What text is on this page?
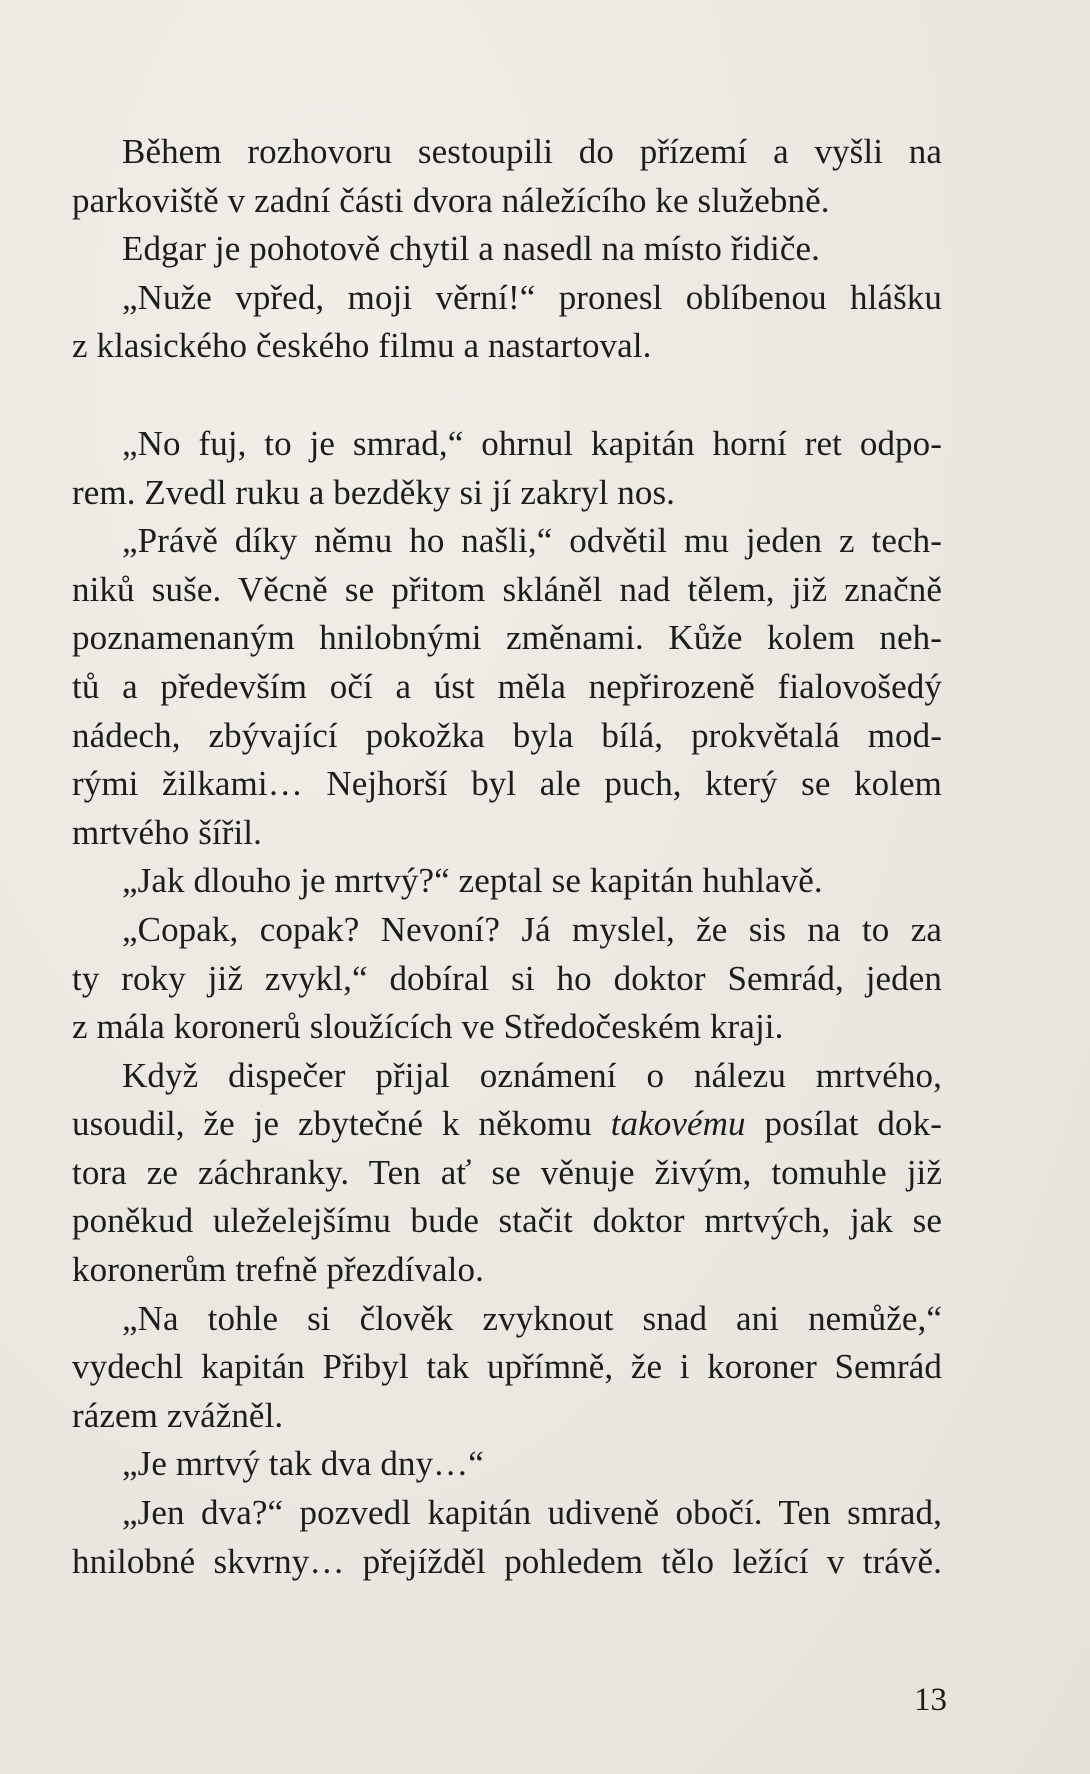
Během rozhovoru sestoupili do přízemí a vyšli na
parkoviště v zadní části dvora náležícího ke služebně.
Edgar je pohotově chytil a nasedl na místo řidiče.
„Nuže vpřed, moji věrní!“ pronesl oblíbenou hlášku
z klasického českého filmu a nastartoval.
„No fuj, to je smrad,“ ohrnul kapitán horní ret odpo-
rem. Zvedl ruku a bezděky si jí zakryl nos.
„Právě díky němu ho našli,“ odvětil mu jeden z tech-
niků suše. Věcně se přitom skláněl nad tělem, již značně
poznamenaným hnilobnými změnami. Kůže kolem neh-
tů a především očí a úst měla nepřirozeně fialovošedý
nádech, zbývající pokožka byla bílá, prokvětalá mod-
rými žilkami… Nejhorší byl ale puch, který se kolem
mrtvého šířil.
„Jak dlouho je mrtvý?“ zeptal se kapitán huhlavě.
„Copak, copak? Nevoní? Já myslel, že sis na to za
ty roky již zvykl,“ dobíral si ho doktor Semrád, jeden
z mála koronerů sloužících ve Středočeském kraji.
Když dispečer přijal oznámení o nálezu mrtvého,
usoudil, že je zbytečné k někomu takovému posílat dok-
tora ze záchranky. Ten ať se věnuje živým, tomuhle již
poněkud uleželejšímu bude stačit doktor mrtvých, jak se
koronerům trefně přezdívalo.
„Na tohle si člověk zvyknout snad ani nemůže,“
vydechl kapitán Přibyl tak upřímně, že i koroner Semrád
rázem zvážněl.
„Je mrtvý tak dva dny…“
„Jen dva?“ pozvedl kapitán udiveně obočí. Ten smrad,
hnilobné skvrny… přejížděl pohledem tělo ležící v trávě.
13
